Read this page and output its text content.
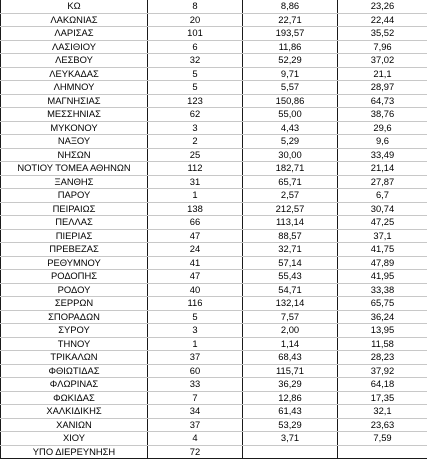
ΚΩ	8	8,86	23,26
ΛΑΚΩΝΙΑΣ	20	22,71	22,44
ΛΑΡΙΣΑΣ	101	193,57	35,52
ΛΑΣΙΘΙΟΥ	6	11,86	7,96
ΛΕΣΒΟΥ	32	52,29	37,02
ΛΕΥΚΑΔΑΣ	5	9,71	21,1
ΛΗΜΝΟΥ	5	5,57	28,97
ΜΑΓΝΗΣΙΑΣ	123	150,86	64,73
ΜΕΣΣΗΝΙΑΣ	62	55,00	38,76
ΜΥΚΟΝΟΥ	3	4,43	29,6
ΝΑΞΟΥ	2	5,29	9,6
ΝΗΣΩΝ	25	30,00	33,49
ΝΟΤΙΟΥ ΤΟΜΕΑ ΑΘΗΝΩΝ	112	182,71	21,14
ΞΑΝΘΗΣ	31	65,71	27,87
ΠΑΡΟΥ	1	2,57	6,7
ΠΕΙΡΑΙΩΣ	138	212,57	30,74
ΠΕΛΛΑΣ	66	113,14	47,25
ΠΙΕΡΙΑΣ	47	88,57	37,1
ΠΡΕΒΕΖΑΣ	24	32,71	41,75
ΡΕΘΥΜΝΟΥ	41	57,14	47,89
ΡΟΔΟΠΗΣ	47	55,43	41,95
ΡΟΔΟΥ	40	54,71	33,38
ΣΕΡΡΩΝ	116	132,14	65,75
ΣΠΟΡΑΔΩΝ	5	7,57	36,24
ΣΥΡΟΥ	3	2,00	13,95
ΤΗΝΟΥ	1	1,14	11,58
ΤΡΙΚΑΛΩΝ	37	68,43	28,23
ΦΘΙΩΤΙΔΑΣ	60	115,71	37,92
ΦΛΩΡΙΝΑΣ	33	36,29	64,18
ΦΩΚΙΔΑΣ	7	12,86	17,35
ΧΑΛΚΙΔΙΚΗΣ	34	61,43	32,1
ΧΑΝΙΩΝ	37	53,29	23,63
ΧΙΟΥ	4	3,71	7,59
ΥΠΟ ΔΙΕΡΕΥΝΗΣΗ	72		
